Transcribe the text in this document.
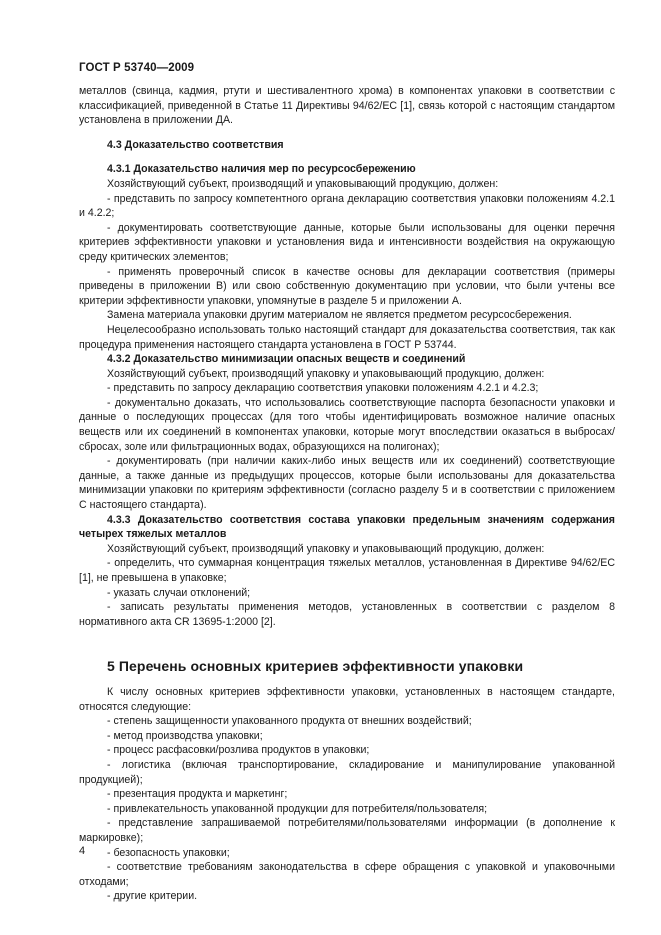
ГОСТ Р 53740—2009
металлов (свинца, кадмия, ртути и шестивалентного хрома) в компонентах упаковки в соответствии с классификацией, приведенной в Статье 11 Директивы 94/62/ЕС [1], связь которой с настоящим стандартом установлена в приложении ДА.
4.3 Доказательство соответствия
4.3.1 Доказательство наличия мер по ресурсосбережению
Хозяйствующий субъект, производящий и упаковывающий продукцию, должен:
- представить по запросу компетентного органа декларацию соответствия упаковки положениям 4.2.1 и 4.2.2;
- документировать соответствующие данные, которые были использованы для оценки перечня критериев эффективности упаковки и установления вида и интенсивности воздействия на окружающую среду критических элементов;
- применять проверочный список в качестве основы для декларации соответствия (примеры приведены в приложении В) или свою собственную документацию при условии, что были учтены все критерии эффективности упаковки, упомянутые в разделе 5 и приложении А.
Замена материала упаковки другим материалом не является предметом ресурсосбережения.
Нецелесообразно использовать только настоящий стандарт для доказательства соответствия, так как процедура применения настоящего стандарта установлена в ГОСТ Р 53744.
4.3.2 Доказательство минимизации опасных веществ и соединений
Хозяйствующий субъект, производящий упаковку и упаковывающий продукцию, должен:
- представить по запросу декларацию соответствия упаковки положениям 4.2.1 и 4.2.3;
- документально доказать, что использовались соответствующие паспорта безопасности упаковки и данные о последующих процессах (для того чтобы идентифицировать возможное наличие опасных веществ или их соединений в компонентах упаковки, которые могут впоследствии оказаться в выбросах/сбросах, золе или фильтрационных водах, образующихся на полигонах);
- документировать (при наличии каких-либо иных веществ или их соединений) соответствующие данные, а также данные из предыдущих процессов, которые были использованы для доказательства минимизации упаковки по критериям эффективности (согласно разделу 5 и в соответствии с приложением С настоящего стандарта).
4.3.3 Доказательство соответствия состава упаковки предельным значениям содержания четырех тяжелых металлов
Хозяйствующий субъект, производящий упаковку и упаковывающий продукцию, должен:
- определить, что суммарная концентрация тяжелых металлов, установленная в Директиве 94/62/ЕС [1], не превышена в упаковке;
- указать случаи отклонений;
- записать результаты применения методов, установленных в соответствии с разделом 8 нормативного акта CR 13695-1:2000 [2].
5 Перечень основных критериев эффективности упаковки
К числу основных критериев эффективности упаковки, установленных в настоящем стандарте, относятся следующие:
- степень защищенности упакованного продукта от внешних воздействий;
- метод производства упаковки;
- процесс расфасовки/розлива продуктов в упаковки;
- логистика (включая транспортирование, складирование и манипулирование упакованной продукцией);
- презентация продукта и маркетинг;
- привлекательность упакованной продукции для потребителя/пользователя;
- представление запрашиваемой потребителями/пользователями информации (в дополнение к маркировке);
- безопасность упаковки;
- соответствие требованиям законодательства в сфере обращения с упаковкой и упаковочными отходами;
- другие критерии.
4
